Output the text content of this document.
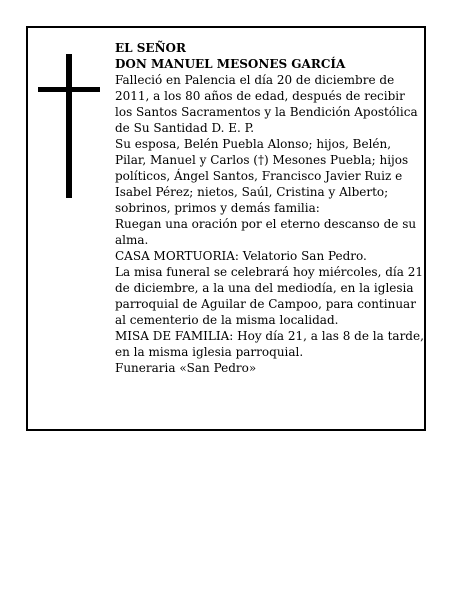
EL SEÑOR

DON MANUEL MESONES GARCÍA

Falleció en Palencia el día 20 de diciembre de 2011, a los 80 años de edad, después de recibir los Santos Sacramentos y la Bendición Apostólica de Su Santidad D. E. P.

Su esposa, Belén Puebla Alonso; hijos, Belén, Pilar, Manuel y Carlos (†) Mesones Puebla; hijos políticos, Ángel Santos, Francisco Javier Ruiz e Isabel Pérez; nietos, Saúl, Cristina y Alberto; sobrinos, primos y demás familia:

Ruegan una oración por el eterno descanso de su alma.

CASA MORTUORIA: Velatorio San Pedro.

La misa funeral se celebrará hoy miércoles, día 21 de diciembre, a la una del mediodía, en la iglesia parroquial de Aguilar de Campoo, para continuar al cementerio de la misma localidad.

MISA DE FAMILIA: Hoy día 21, a las 8 de la tarde, en la misma iglesia parroquial.

Funeraria «San Pedro»
